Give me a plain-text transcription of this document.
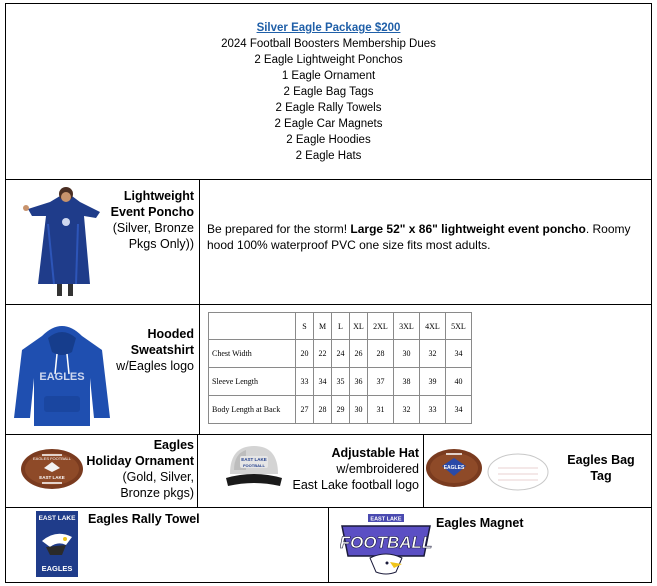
Silver Eagle Package $200
2024 Football Boosters Membership Dues
2 Eagle Lightweight Ponchos
1 Eagle Ornament
2 Eagle Bag Tags
2 Eagle Rally Towels
2 Eagle Car Magnets
2 Eagle Hoodies
2 Eagle Hats
Lightweight
Event Poncho
(Silver, Bronze
Pkgs Only))
Be prepared for the storm! Large 52" x 86" lightweight event poncho. Roomy hood 100% waterproof PVC one size fits most adults.
EAGLES
Hooded
Sweatshirt
w/Eagles logo
	S	M	L	XL	2XL	3XL	4XL	5XL
Chest Width	20	22	24	26	28	30	32	34
Sleeve Length	33	34	35	36	37	38	39	40
Body Length at Back	27	28	29	30	31	32	33	34
EAGLES FOOTBALL
EAST LAKE
Eagles
Holiday Ornament
(Gold, Silver,
Bronze pkgs)
EAST LAKE
FOOTBALL
Adjustable Hat
w/embroidered
East Lake football logo
EAGLES
Eagles Bag
Tag
EAST LAKE
EAGLES
Eagles Rally Towel	EAST LAKE
FOOTBALL
Eagles Magnet
